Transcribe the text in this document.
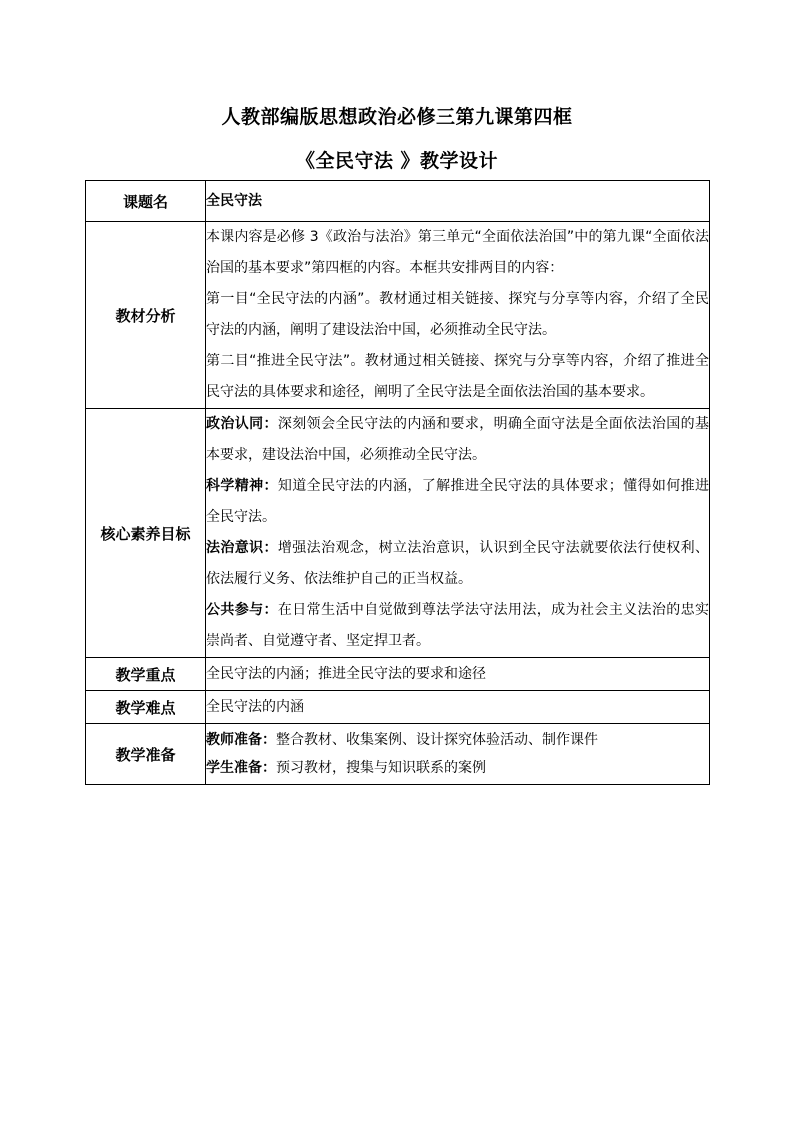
人教部编版思想政治必修三第九课第四框
《全民守法 》教学设计
课题名	全民守法
教材分析	本课内容是必修 3《政治与法治》第三单元“全面依法治国”中的第九课“全面依法治国的基本要求”第四框的内容。本框共安排两目的内容：

第一目“全民守法的内涵”。教材通过相关链接、探究与分享等内容，介绍了全民守法的内涵，阐明了建设法治中国，必须推动全民守法。

第二目“推进全民守法”。教材通过相关链接、探究与分享等内容，介绍了推进全民守法的具体要求和途径，阐明了全民守法是全面依法治国的基本要求。

核心素养目标	政治认同：深刻领会全民守法的内涵和要求，明确全面守法是全面依法治国的基本要求，建设法治中国，必须推动全民守法。

科学精神：知道全民守法的内涵，了解推进全民守法的具体要求；懂得如何推进全民守法。

法治意识：增强法治观念，树立法治意识，认识到全民守法就要依法行使权利、依法履行义务、依法维护自己的正当权益。

公共参与：在日常生活中自觉做到尊法学法守法用法，成为社会主义法治的忠实崇尚者、自觉遵守者、坚定捍卫者。

教学重点	全民守法的内涵；推进全民守法的要求和途径
教学难点	全民守法的内涵
教学准备	教师准备：整合教材、收集案例、设计探究体验活动、制作课件

学生准备：预习教材，搜集与知识联系的案例
